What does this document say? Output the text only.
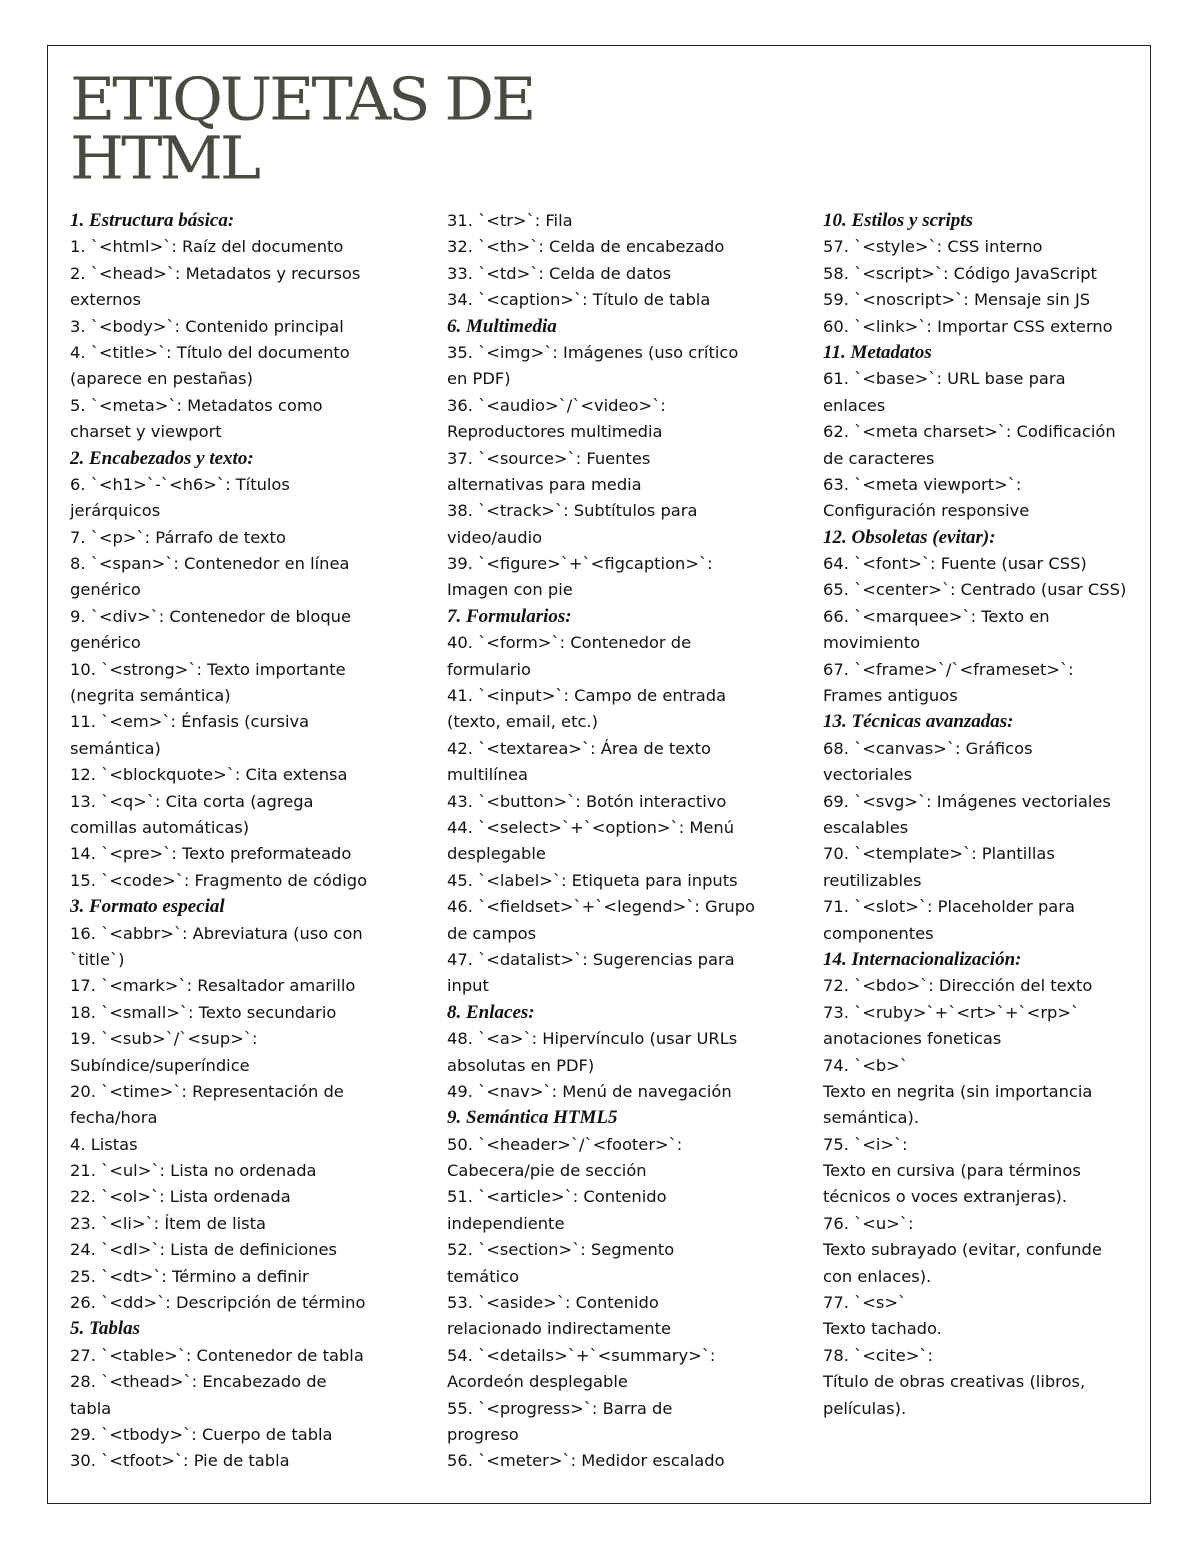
ETIQUETAS DE
HTML
1. Estructura básica:
1. `<html>`: Raíz del documento
2. `<head>`: Metadatos y recursos
externos
3. `<body>`: Contenido principal
4. `<title>`: Título del documento
(aparece en pestañas)
5. `<meta>`: Metadatos como
charset y viewport
2. Encabezados y texto:
6. `<h1>`-`<h6>`: Títulos
jerárquicos
7. `<p>`: Párrafo de texto
8. `<span>`: Contenedor en línea
genérico
9. `<div>`: Contenedor de bloque
genérico
10. `<strong>`: Texto importante
(negrita semántica)
11. `<em>`: Énfasis (cursiva
semántica)
12. `<blockquote>`: Cita extensa
13. `<q>`: Cita corta (agrega
comillas automáticas)
14. `<pre>`: Texto preformateado
15. `<code>`: Fragmento de código
3. Formato especial
16. `<abbr>`: Abreviatura (uso con
`title`)
17. `<mark>`: Resaltador amarillo
18. `<small>`: Texto secundario
19. `<sub>`/`<sup>`:
Subíndice/superíndice
20. `<time>`: Representación de
fecha/hora
4. Listas
21. `<ul>`: Lista no ordenada
22. `<ol>`: Lista ordenada
23. `<li>`: Ítem de lista
24. `<dl>`: Lista de definiciones
25. `<dt>`: Término a definir
26. `<dd>`: Descripción de término
5. Tablas
27. `<table>`: Contenedor de tabla
28. `<thead>`: Encabezado de
tabla
29. `<tbody>`: Cuerpo de tabla
30. `<tfoot>`: Pie de tabla
31. `<tr>`: Fila
32. `<th>`: Celda de encabezado
33. `<td>`: Celda de datos
34. `<caption>`: Título de tabla
6. Multimedia
35. `<img>`: Imágenes (uso crítico
en PDF)
36. `<audio>`/`<video>`:
Reproductores multimedia
37. `<source>`: Fuentes
alternativas para media
38. `<track>`: Subtítulos para
video/audio
39. `<figure>`+`<figcaption>`:
Imagen con pie
7. Formularios:
40. `<form>`: Contenedor de
formulario
41. `<input>`: Campo de entrada
(texto, email, etc.)
42. `<textarea>`: Área de texto
multilínea
43. `<button>`: Botón interactivo
44. `<select>`+`<option>`: Menú
desplegable
45. `<label>`: Etiqueta para inputs
46. `<fieldset>`+`<legend>`: Grupo
de campos
47. `<datalist>`: Sugerencias para
input
8. Enlaces:
48. `<a>`: Hipervínculo (usar URLs
absolutas en PDF)
49. `<nav>`: Menú de navegación
9. Semántica HTML5
50. `<header>`/`<footer>`:
Cabecera/pie de sección
51. `<article>`: Contenido
independiente
52. `<section>`: Segmento
temático
53. `<aside>`: Contenido
relacionado indirectamente
54. `<details>`+`<summary>`:
Acordeón desplegable
55. `<progress>`: Barra de
progreso
56. `<meter>`: Medidor escalado
10. Estilos y scripts
57. `<style>`: CSS interno
58. `<script>`: Código JavaScript
59. `<noscript>`: Mensaje sin JS
60. `<link>`: Importar CSS externo
11. Metadatos
61. `<base>`: URL base para
enlaces
62. `<meta charset>`: Codificación
de caracteres
63. `<meta viewport>`:
Configuración responsive
12. Obsoletas (evitar):
64. `<font>`: Fuente (usar CSS)
65. `<center>`: Centrado (usar CSS)
66. `<marquee>`: Texto en
movimiento
67. `<frame>`/`<frameset>`:
Frames antiguos
13. Técnicas avanzadas:
68. `<canvas>`: Gráficos
vectoriales
69. `<svg>`: Imágenes vectoriales
escalables
70. `<template>`: Plantillas
reutilizables
71. `<slot>`: Placeholder para
componentes
14. Internacionalización:
72. `<bdo>`: Dirección del texto
73. `<ruby>`+`<rt>`+`<rp>`
anotaciones foneticas
74. `<b>`
Texto en negrita (sin importancia
semántica).
75. `<i>`:
Texto en cursiva (para términos
técnicos o voces extranjeras).
76. `<u>`:
Texto subrayado (evitar, confunde
con enlaces).
77. `<s>`
Texto tachado.
78. `<cite>`:
Título de obras creativas (libros,
películas).
